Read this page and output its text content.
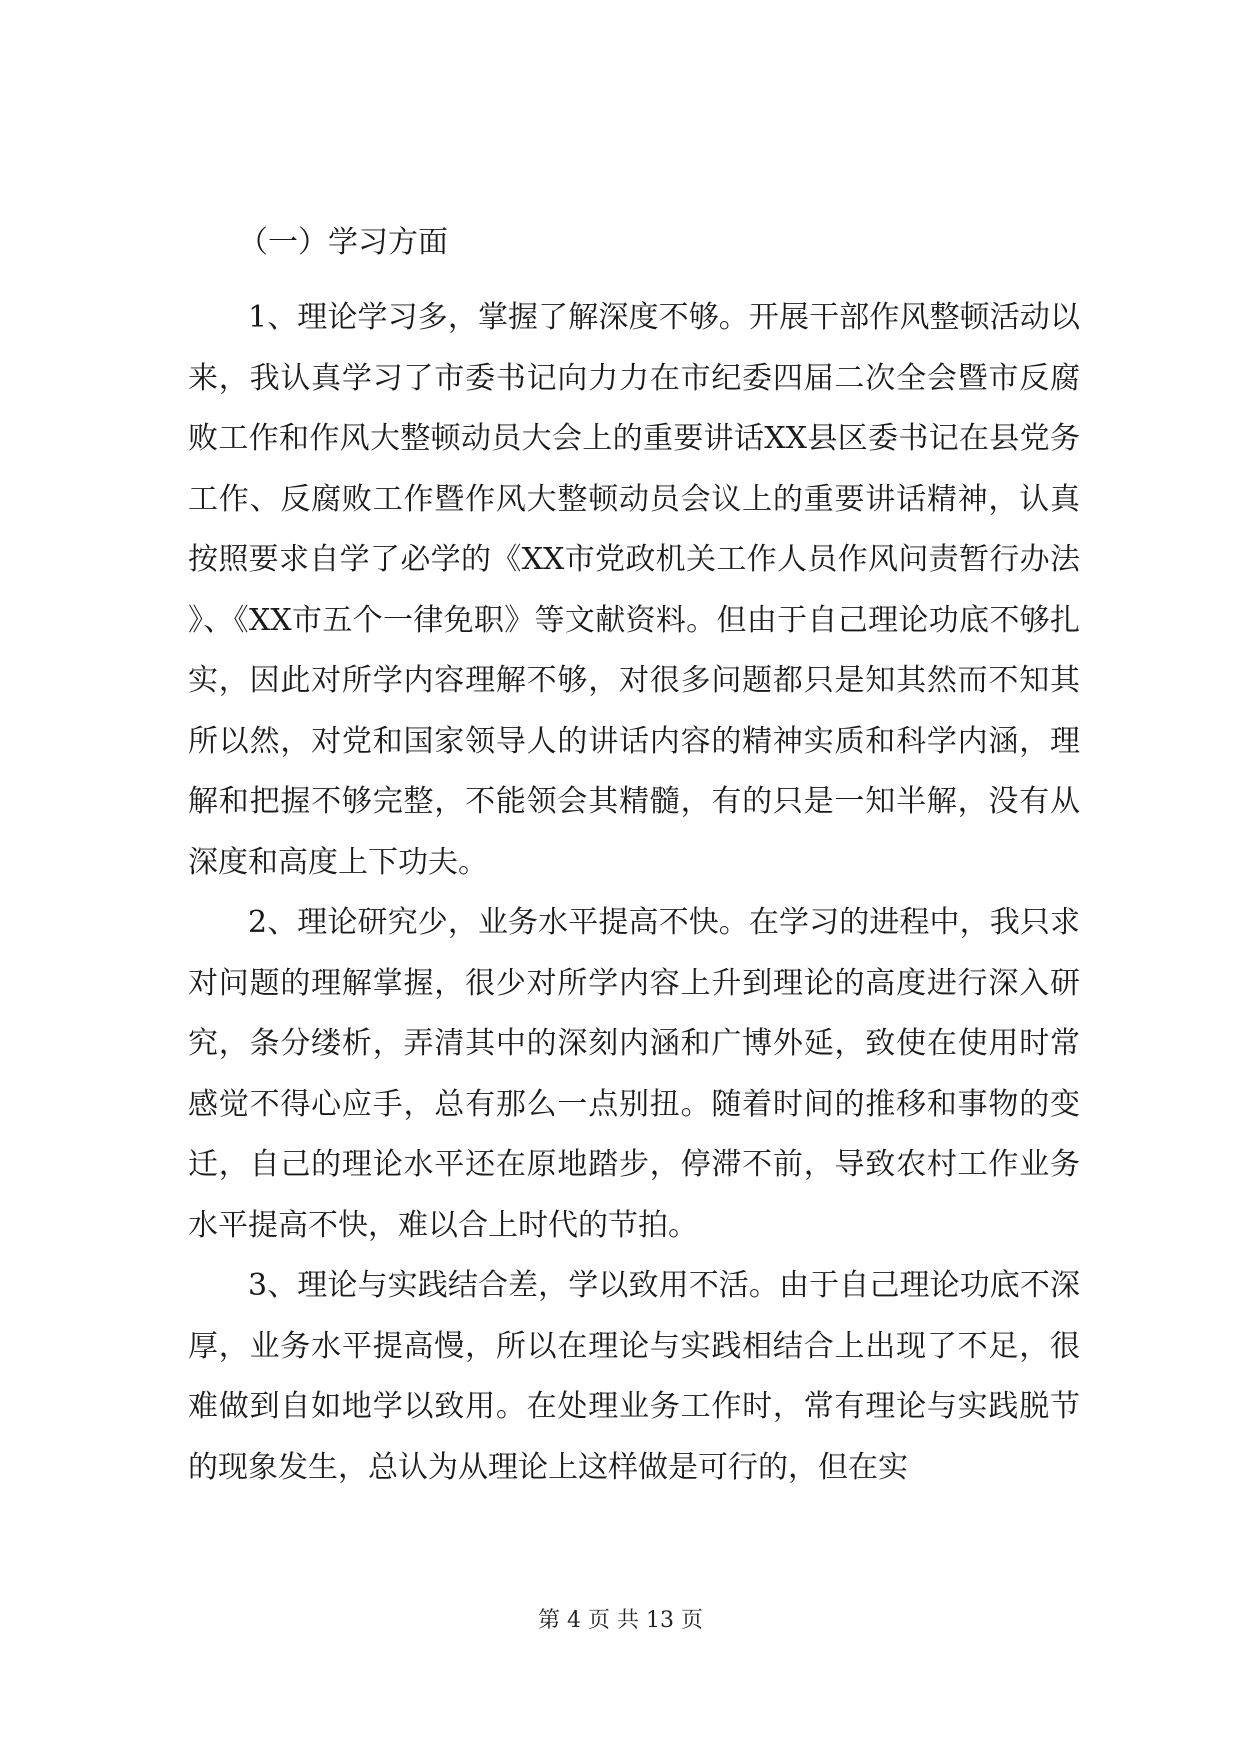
（一）学习方面

1、理论学习多，掌握了解深度不够。开展干部作风整顿活动以来，我认真学习了市委书记向力力在市纪委四届二次全会暨市反腐败工作和作风大整顿动员大会上的重要讲话XX县区委书记在县党务工作、反腐败工作暨作风大整顿动员会议上的重要讲话精神，认真按照要求自学了必学的《XX市党政机关工作人员作风问责暂行办法》、《XX市五个一律免职》等文献资料。但由于自己理论功底不够扎实，因此对所学内容理解不够，对很多问题都只是知其然而不知其所以然，对党和国家领导人的讲话内容的精神实质和科学内涵，理解和把握不够完整，不能领会其精髓，有的只是一知半解，没有从深度和高度上下功夫。

2、理论研究少，业务水平提高不快。在学习的进程中，我只求对问题的理解掌握，很少对所学内容上升到理论的高度进行深入研究，条分缕析，弄清其中的深刻内涵和广博外延，致使在使用时常感觉不得心应手，总有那么一点别扭。随着时间的推移和事物的变迁，自己的理论水平还在原地踏步，停滞不前，导致农村工作业务水平提高不快，难以合上时代的节拍。

3、理论与实践结合差，学以致用不活。由于自己理论功底不深厚，业务水平提高慢，所以在理论与实践相结合上出现了不足，很难做到自如地学以致用。在处理业务工作时，常有理论与实践脱节的现象发生，总认为从理论上这样做是可行的，但在实

第 4 页 共 13 页
